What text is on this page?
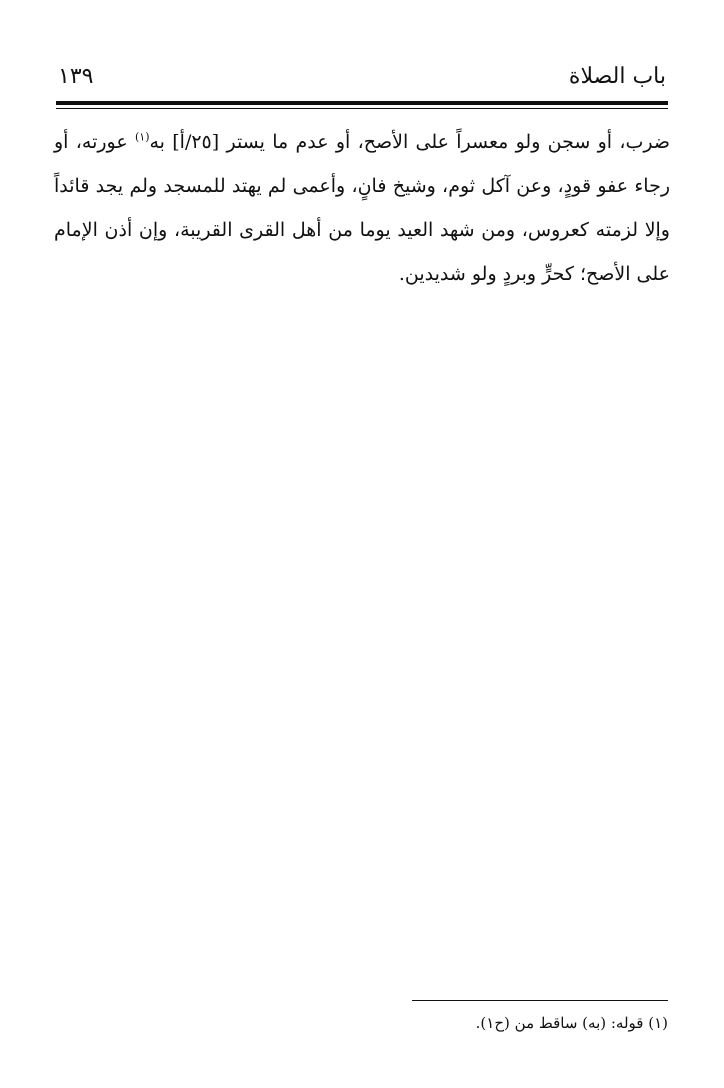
باب الصلاة
١٣٩
ضرب، أو سجن ولو معسراً على الأصح، أو عدم ما يستر [٢٥/أ] به$^{(١)}$ عورته، أو رجاء عفو قودٍ، وعن آكل ثوم، وشيخ فانٍ، وأعمى لم يهتد للمسجد ولم يجد قائداً وإلا لزمته كعروس، ومن شهد العيد يوما من أهل القرى القريبة، وإن أذن الإمام على الأصح؛ كحرٍّ وبردٍ ولو شديدين.
(١) قوله: (به) ساقط من (ح١).
